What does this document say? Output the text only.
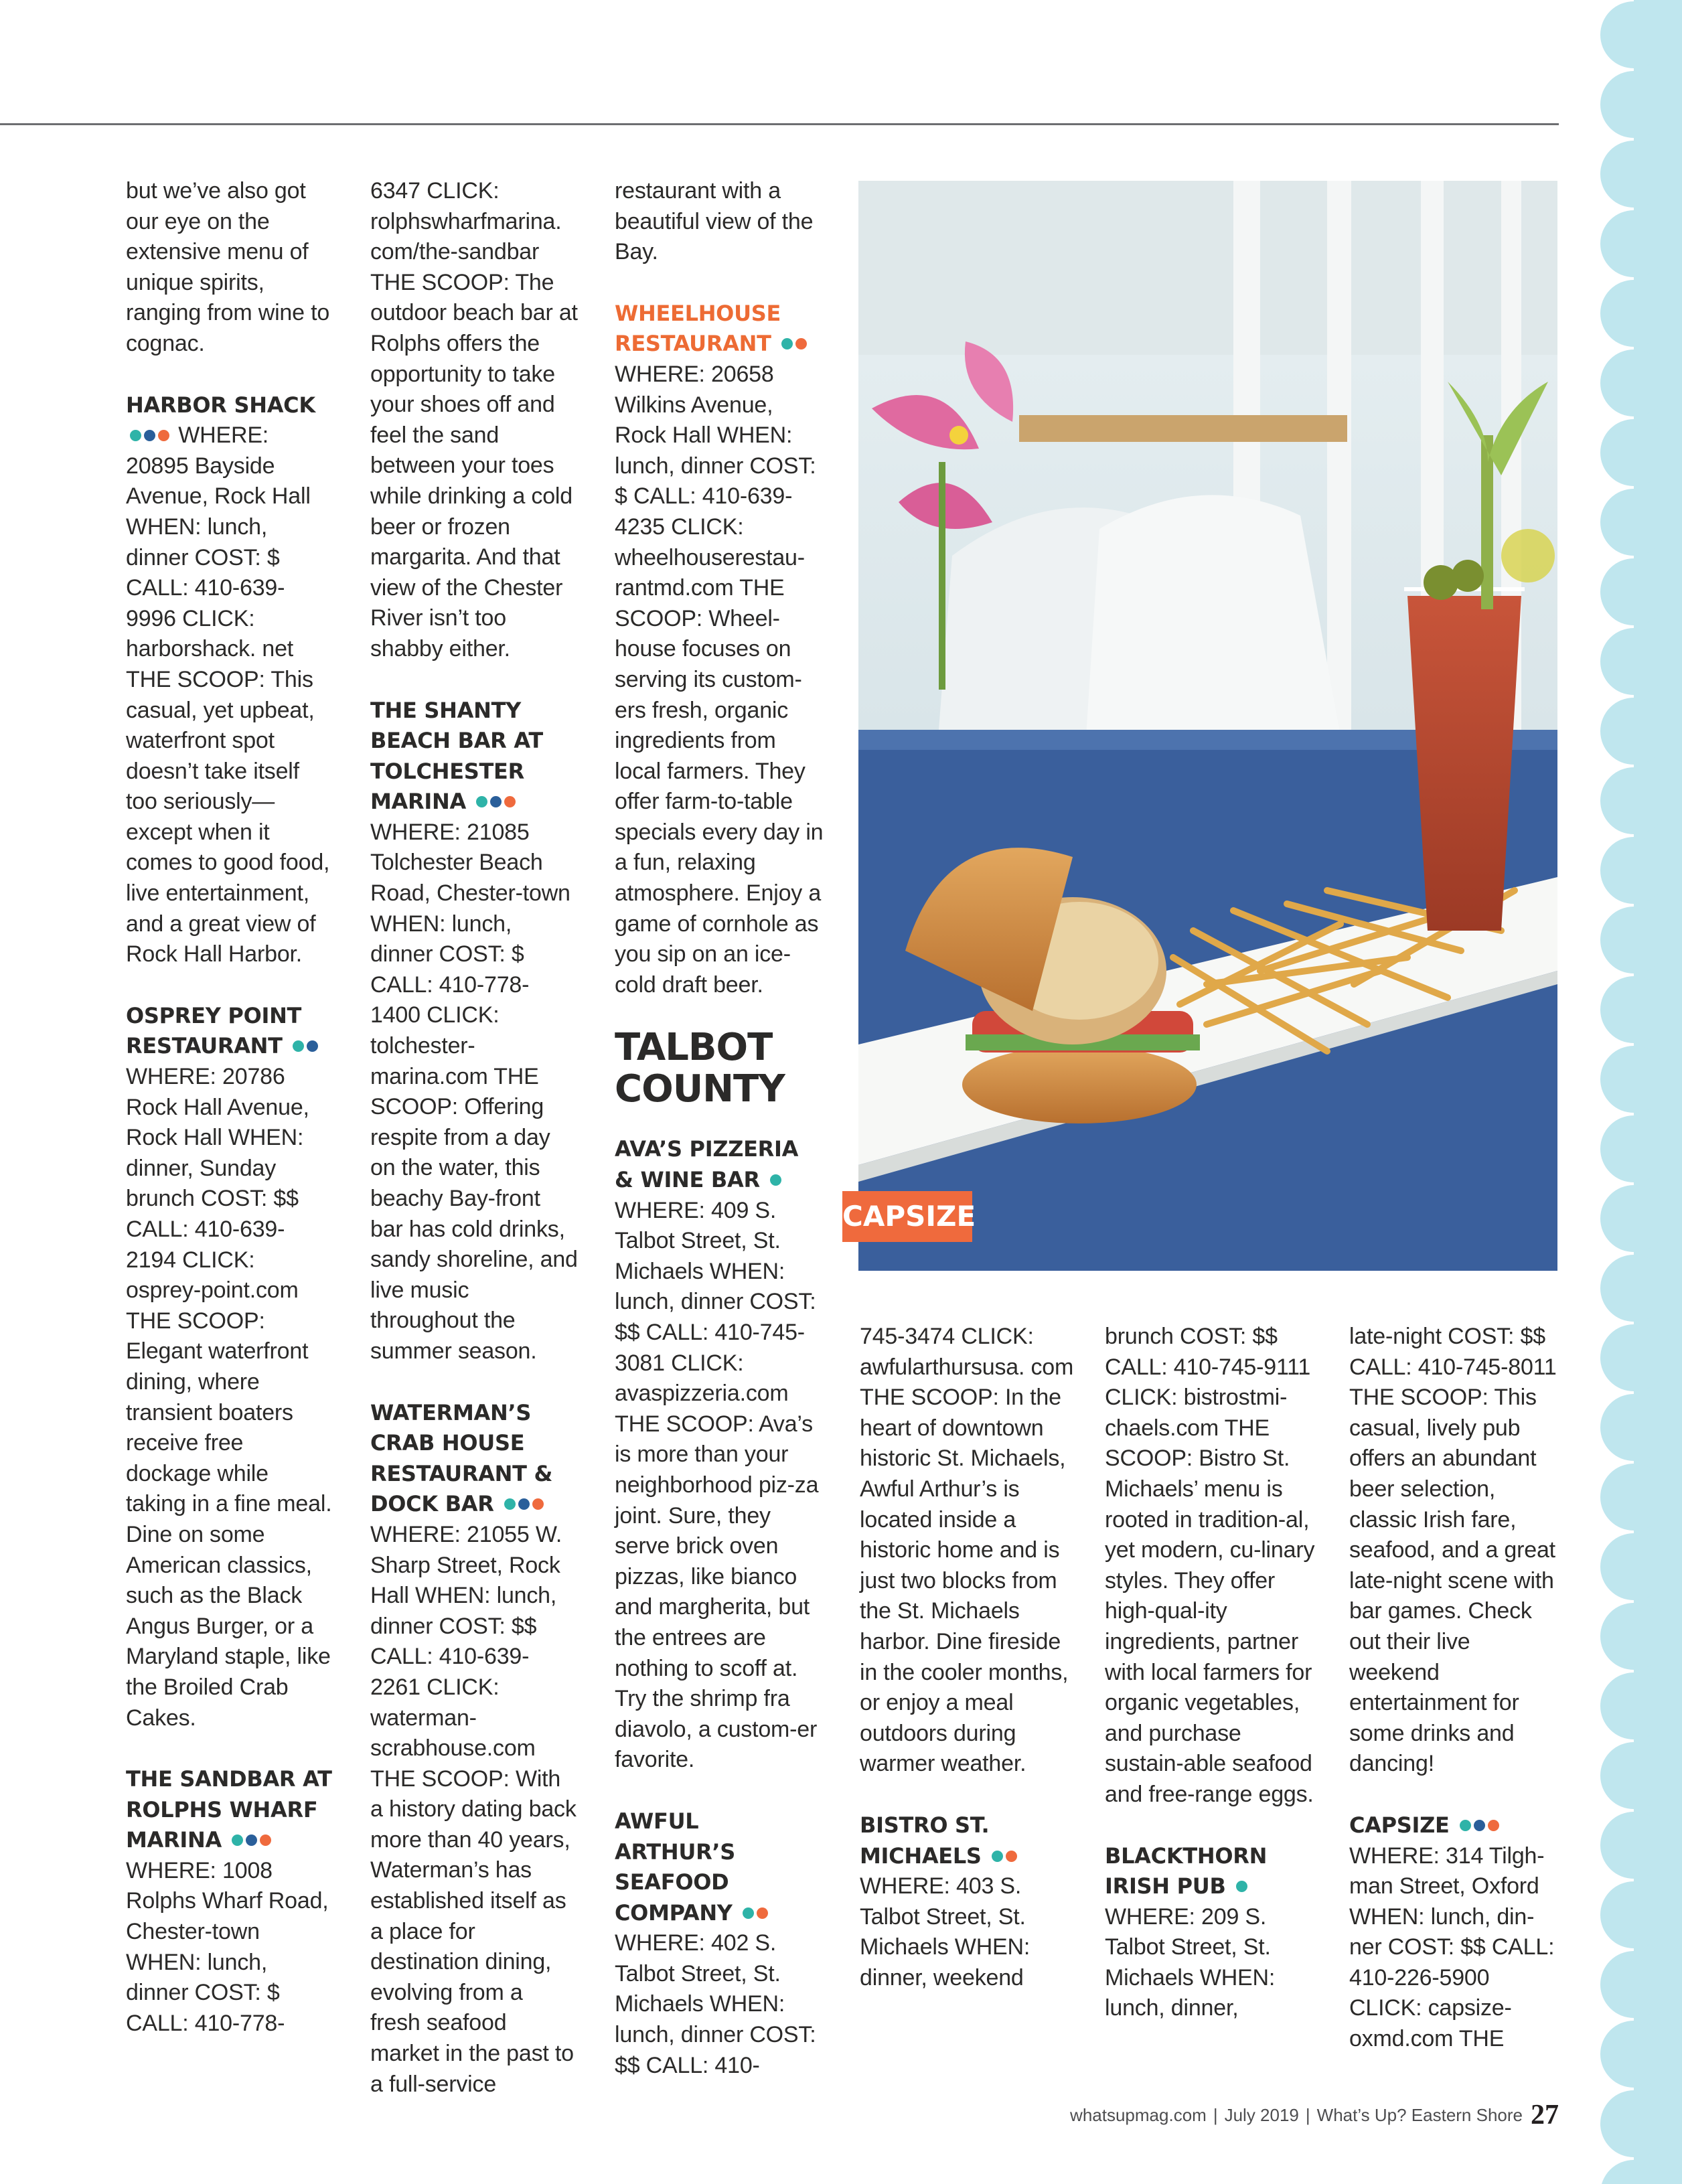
but we’ve also got our eye on the extensive menu of unique spirits, ranging from wine to cognac.

HARBOR SHACK  WHERE: 20895 Bayside Avenue, Rock Hall WHEN: lunch, dinner COST: $ CALL: 410-639-9996 CLICK: harborshack. net THE SCOOP: This casual, yet upbeat, waterfront spot doesn’t take itself too seriously—except when it comes to good food, live entertainment, and a great view of Rock Hall Harbor.

OSPREY POINT RESTAURANT  WHERE: 20786 Rock Hall Avenue, Rock Hall WHEN: dinner, Sunday brunch COST: $$ CALL: 410-639-2194 CLICK: osprey-point.com THE SCOOP: Elegant waterfront dining, where transient boaters receive free dockage while taking in a fine meal. Dine on some American classics, such as the Black Angus Burger, or a Maryland staple, like the Broiled Crab Cakes.

THE SANDBAR AT ROLPHS WHARF MARINA  WHERE: 1008 Rolphs Wharf Road, Chester-town WHEN: lunch, dinner COST: $ CALL: 410-778-

6347 CLICK: rolphswharfmarina. com/the-sandbar THE SCOOP: The outdoor beach bar at Rolphs offers the opportunity to take your shoes off and feel the sand between your toes while drinking a cold beer or frozen margarita. And that view of the Chester River isn’t too shabby either.

THE SHANTY BEACH BAR AT TOLCHESTER MARINA  WHERE: 21085 Tolchester Beach Road, Chester-town WHEN: lunch, dinner COST: $ CALL: 410-778-1400 CLICK: tolchester-marina.com THE SCOOP: Offering respite from a day on the water, this beachy Bay-front bar has cold drinks, sandy shoreline, and live music throughout the summer season.

WATERMAN’S CRAB HOUSE RESTAURANT & DOCK BAR  WHERE: 21055 W. Sharp Street, Rock Hall WHEN: lunch, dinner COST: $$ CALL: 410-639-2261 CLICK: waterman-scrabhouse.com THE SCOOP: With a history dating back more than 40 years, Waterman’s has established itself as a place for destination dining, evolving from a fresh seafood market in the past to a full-service

restaurant with a beautiful view of the Bay.

WHEELHOUSE RESTAURANT  WHERE: 20658 Wilkins Avenue, Rock Hall WHEN: lunch, dinner COST: $ CALL: 410-639-4235 CLICK: wheelhouserestau-rantmd.com THE SCOOP: Wheel-house focuses on serving its custom-ers fresh, organic ingredients from local farmers. They offer farm-to-table specials every day in a fun, relaxing atmosphere. Enjoy a game of cornhole as you sip on an ice-cold draft beer.

TALBOT COUNTY

AVA’S PIZZERIA & WINE BAR  WHERE: 409 S. Talbot Street, St. Michaels WHEN: lunch, dinner COST: $$ CALL: 410-745-3081 CLICK: avaspizzeria.com THE SCOOP: Ava’s is more than your neighborhood piz-za joint. Sure, they serve brick oven pizzas, like bianco and margherita, but the entrees are nothing to scoff at. Try the shrimp fra diavolo, a custom-er favorite.

AWFUL ARTHUR’S SEAFOOD COMPANY  WHERE: 402 S. Talbot Street, St. Michaels WHEN: lunch, dinner COST: $$ CALL: 410-

CAPSIZE

745-3474 CLICK: awfularthursusa. com THE SCOOP: In the heart of downtown historic St. Michaels, Awful Arthur’s is located inside a historic home and is just two blocks from the St. Michaels harbor. Dine fireside in the cooler months, or enjoy a meal outdoors during warmer weather.

BISTRO ST. MICHAELS  WHERE: 403 S. Talbot Street, St. Michaels WHEN: dinner, weekend

brunch COST: $$ CALL: 410-745-9111 CLICK: bistrostmi-chaels.com THE SCOOP: Bistro St. Michaels’ menu is rooted in tradition-al, yet modern, cu-linary styles. They offer high-qual-ity ingredients, partner with local farmers for organic vegetables, and purchase sustain-able seafood and free-range eggs.

BLACKTHORN IRISH PUB  WHERE: 209 S. Talbot Street, St. Michaels WHEN: lunch, dinner,

late-night COST: $$ CALL: 410-745-8011 THE SCOOP: This casual, lively pub offers an abundant beer selection, classic Irish fare, seafood, and a great late-night scene with bar games. Check out their live weekend entertainment for some drinks and dancing!

CAPSIZE  WHERE: 314 Tilgh-man Street, Oxford WHEN: lunch, din-ner COST: $$ CALL: 410-226-5900 CLICK: capsize-oxmd.com THE

whatsupmag.com | July 2019 | What’s Up? Eastern Shore 27
